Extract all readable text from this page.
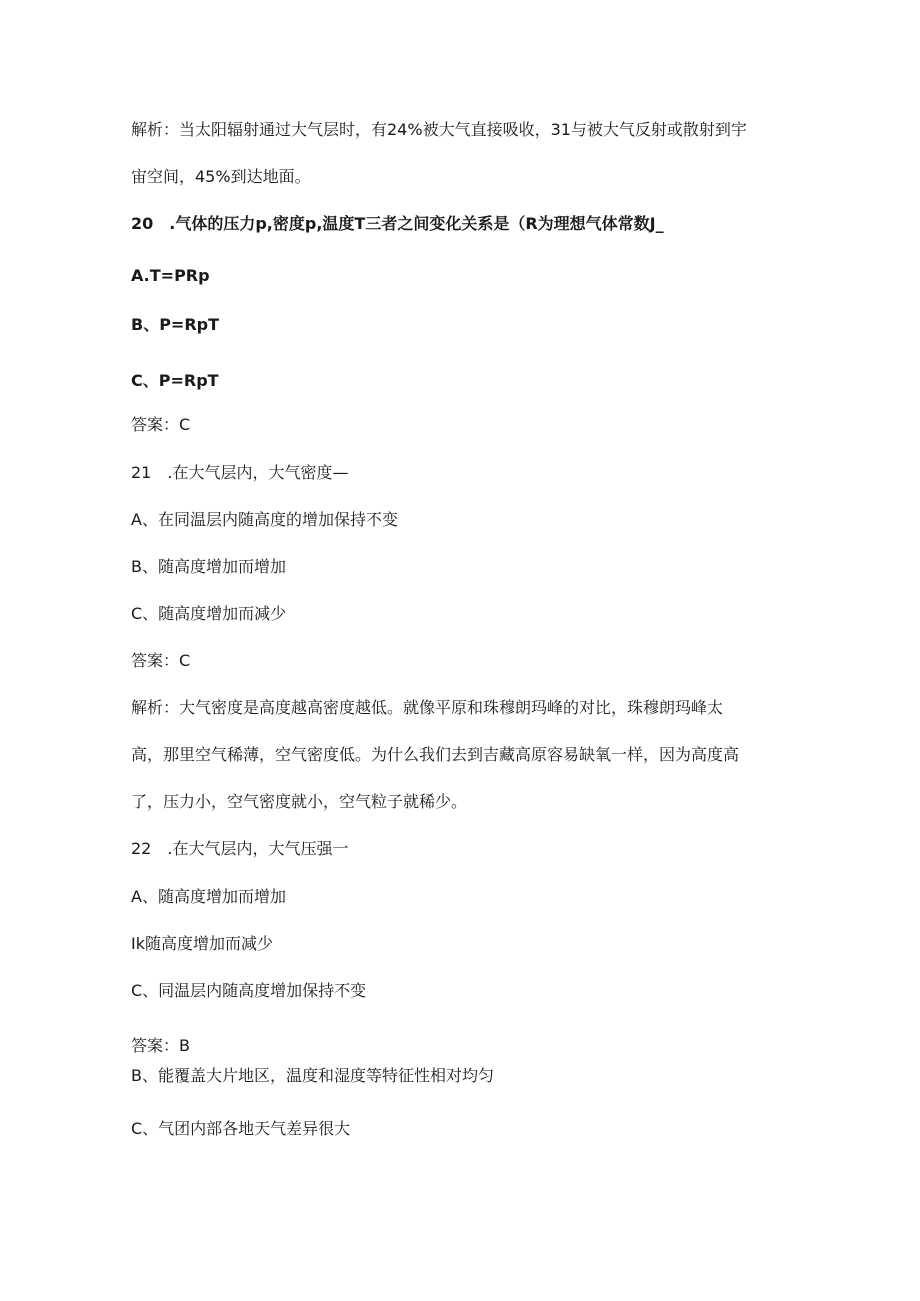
解析：当太阳辐射通过大气层时，有24%被大气直接吸收，31与被大气反射或散射到宇

宙空间，45%到达地面。

20　.气体的压力p,密度p,温度T三者之间变化关系是（R为理想气体常数J_

A.T=PRp

B、P=RpT

C、P=RpT

答案：C

21　.在大气层内，大气密度—

A、在同温层内随高度的增加保持不变

B、随高度增加而增加

C、随高度增加而减少

答案：C

解析：大气密度是高度越高密度越低。就像平原和珠穆朗玛峰的对比，珠穆朗玛峰太

高，那里空气稀薄，空气密度低。为什么我们去到吉藏高原容易缺氧一样，因为高度高

了，压力小，空气密度就小，空气粒子就稀少。

22　.在大气层内，大气压强一

A、随高度增加而增加

Ik随高度增加而减少

C、同温层内随高度增加保持不变

答案：B

B、能覆盖大片地区，温度和湿度等特征性相对均匀

C、气团内部各地天气差异很大
